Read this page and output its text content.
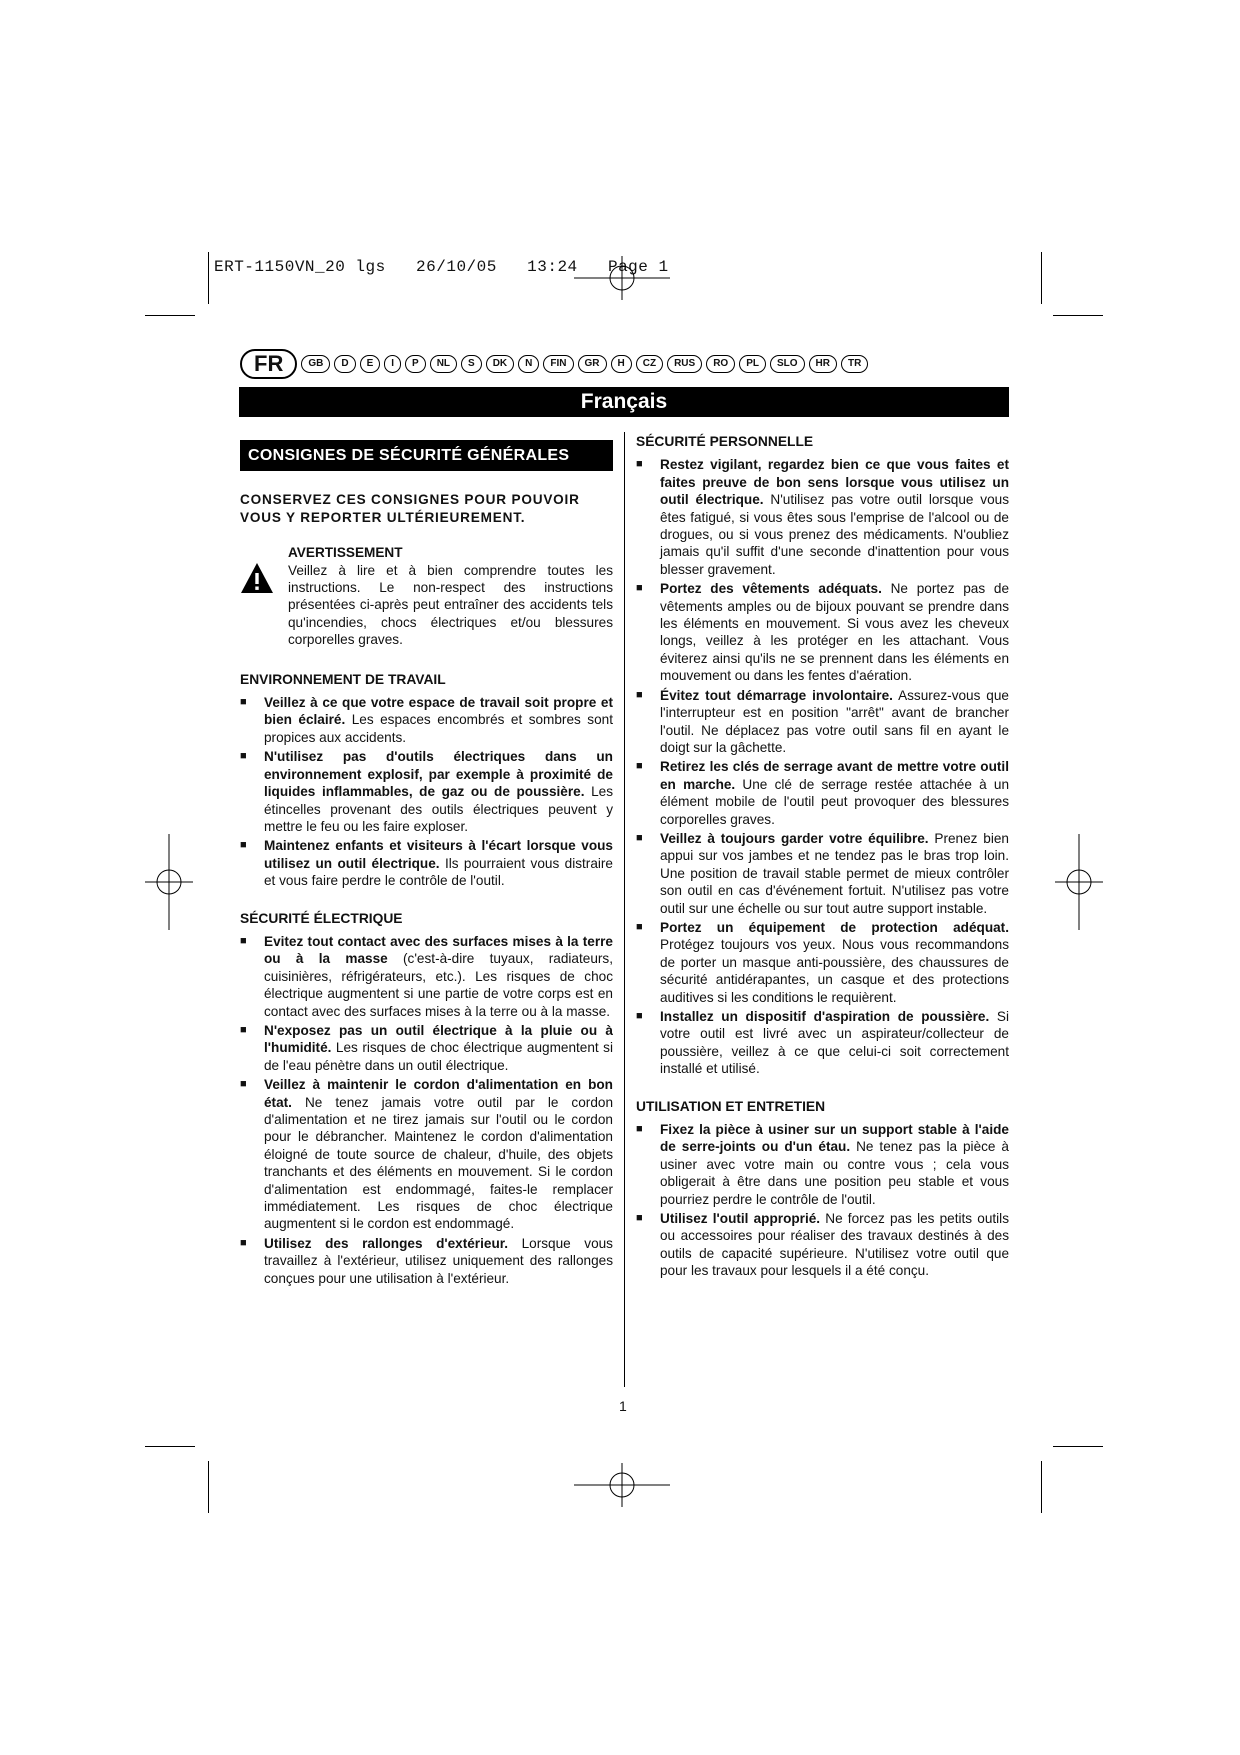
ERT-1150VN_20 lgs   26/10/05   13:24   Page 1
FR	GB	D	E	I	P	NL	S	DK	N	FIN	GR	H	CZ	RUS	RO	PL	SLO	HR	TR
Français
CONSIGNES DE SÉCURITÉ GÉNÉRALES
CONSERVEZ CES CONSIGNES POUR POUVOIR VOUS Y REPORTER ULTÉRIEUREMENT.
AVERTISSEMENT
Veillez à lire et à bien comprendre toutes les instructions. Le non-respect des instructions présentées ci-après peut entraîner des accidents tels qu'incendies, chocs électriques et/ou blessures corporelles graves.
ENVIRONNEMENT DE TRAVAIL
■ Veillez à ce que votre espace de travail soit propre et bien éclairé. Les espaces encombrés et sombres sont propices aux accidents.
■ N'utilisez pas d'outils électriques dans un environnement explosif, par exemple à proximité de liquides inflammables, de gaz ou de poussière. Les étincelles provenant des outils électriques peuvent y mettre le feu ou les faire exploser.
■ Maintenez enfants et visiteurs à l'écart lorsque vous utilisez un outil électrique. Ils pourraient vous distraire et vous faire perdre le contrôle de l'outil.
SÉCURITÉ ÉLECTRIQUE
■ Evitez tout contact avec des surfaces mises à la terre ou à la masse (c'est-à-dire tuyaux, radiateurs, cuisinières, réfrigérateurs, etc.). Les risques de choc électrique augmentent si une partie de votre corps est en contact avec des surfaces mises à la terre ou à la masse.
■ N'exposez pas un outil électrique à la pluie ou à l'humidité. Les risques de choc électrique augmentent si de l'eau pénètre dans un outil électrique.
■ Veillez à maintenir le cordon d'alimentation en bon état. Ne tenez jamais votre outil par le cordon d'alimentation et ne tirez jamais sur l'outil ou le cordon pour le débrancher. Maintenez le cordon d'alimentation éloigné de toute source de chaleur, d'huile, des objets tranchants et des éléments en mouvement. Si le cordon d'alimentation est endommagé, faites-le remplacer immédiatement. Les risques de choc électrique augmentent si le cordon est endommagé.
■ Utilisez des rallonges d'extérieur. Lorsque vous travaillez à l'extérieur, utilisez uniquement des rallonges conçues pour une utilisation à l'extérieur.
SÉCURITÉ PERSONNELLE
■ Restez vigilant, regardez bien ce que vous faites et faites preuve de bon sens lorsque vous utilisez un outil électrique. N'utilisez pas votre outil lorsque vous êtes fatigué, si vous êtes sous l'emprise de l'alcool ou de drogues, ou si vous prenez des médicaments. N'oubliez jamais qu'il suffit d'une seconde d'inattention pour vous blesser gravement.
■ Portez des vêtements adéquats. Ne portez pas de vêtements amples ou de bijoux pouvant se prendre dans les éléments en mouvement. Si vous avez les cheveux longs, veillez à les protéger en les attachant. Vous éviterez ainsi qu'ils ne se prennent dans les éléments en mouvement ou dans les fentes d'aération.
■ Évitez tout démarrage involontaire. Assurez-vous que l'interrupteur est en position "arrêt" avant de brancher l'outil. Ne déplacez pas votre outil sans fil en ayant le doigt sur la gâchette.
■ Retirez les clés de serrage avant de mettre votre outil en marche. Une clé de serrage restée attachée à un élément mobile de l'outil peut provoquer des blessures corporelles graves.
■ Veillez à toujours garder votre équilibre. Prenez bien appui sur vos jambes et ne tendez pas le bras trop loin. Une position de travail stable permet de mieux contrôler son outil en cas d'événement fortuit. N'utilisez pas votre outil sur une échelle ou sur tout autre support instable.
■ Portez un équipement de protection adéquat. Protégez toujours vos yeux. Nous vous recommandons de porter un masque anti-poussière, des chaussures de sécurité antidérapantes, un casque et des protections auditives si les conditions le requièrent.
■ Installez un dispositif d'aspiration de poussière. Si votre outil est livré avec un aspirateur/collecteur de poussière, veillez à ce que celui-ci soit correctement installé et utilisé.
UTILISATION ET ENTRETIEN
■ Fixez la pièce à usiner sur un support stable à l'aide de serre-joints ou d'un étau. Ne tenez pas la pièce à usiner avec votre main ou contre vous ; cela vous obligerait à être dans une position peu stable et vous pourriez perdre le contrôle de l'outil.
■ Utilisez l'outil approprié. Ne forcez pas les petits outils ou accessoires pour réaliser des travaux destinés à des outils de capacité supérieure. N'utilisez votre outil que pour les travaux pour lesquels il a été conçu.
1
